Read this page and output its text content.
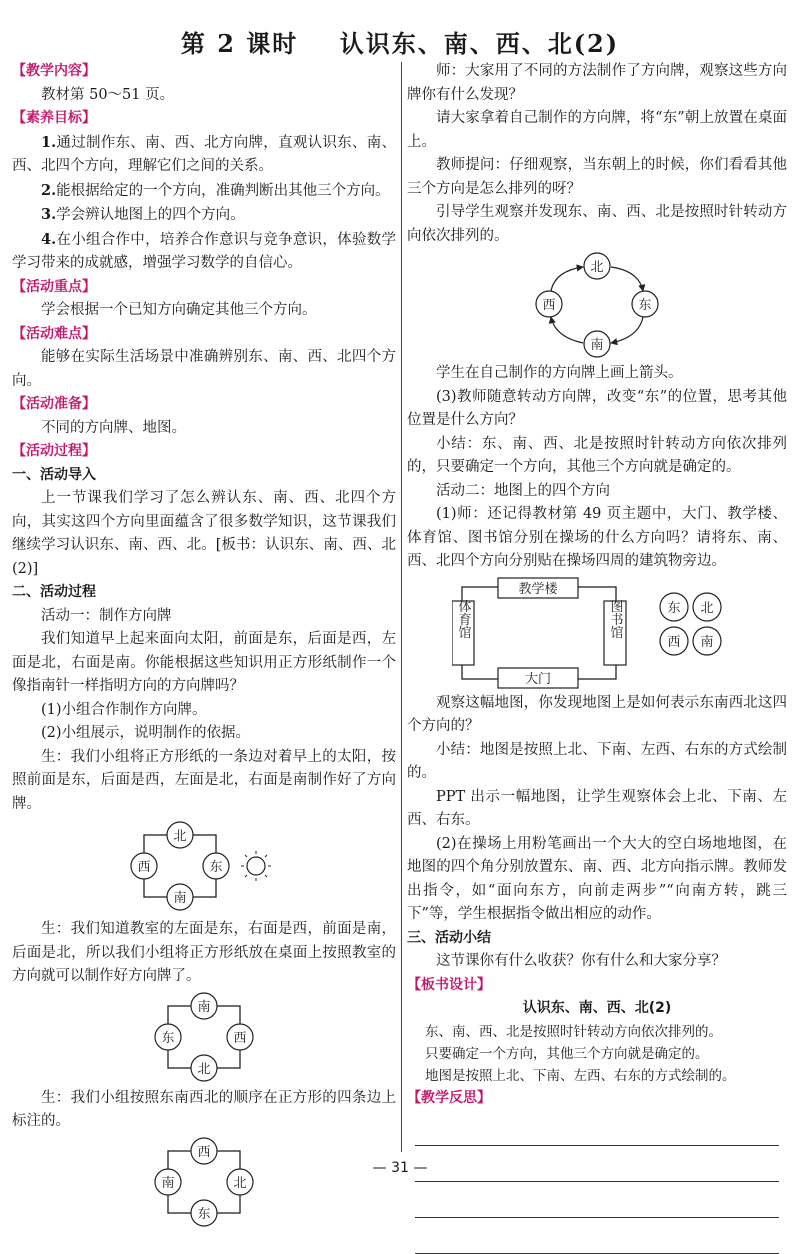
第 2 课时    认识东、南、西、北(2)

【教学内容】

教材第 50～51 页。

【素养目标】

1.通过制作东、南、西、北方向牌，直观认识东、南、西、北四个方向，理解它们之间的关系。

2.能根据给定的一个方向，准确判断出其他三个方向。

3.学会辨认地图上的四个方向。

4.在小组合作中，培养合作意识与竞争意识，体验数学学习带来的成就感，增强学习数学的自信心。

【活动重点】

学会根据一个已知方向确定其他三个方向。

【活动难点】

能够在实际生活场景中准确辨别东、南、西、北四个方向。

【活动准备】

不同的方向牌、地图。

【活动过程】

一、活动导入

上一节课我们学习了怎么辨认东、南、西、北四个方向，其实这四个方向里面蕴含了很多数学知识，这节课我们继续学习认识东、南、西、北。[板书：认识东、南、西、北(2)]

二、活动过程

活动一：制作方向牌

我们知道早上起来面向太阳，前面是东，后面是西，左面是北，右面是南。你能根据这些知识用正方形纸制作一个像指南针一样指明方向的方向牌吗？

(1)小组合作制作方向牌。

(2)小组展示，说明制作的依据。

生：我们小组将正方形纸的一条边对着早上的太阳，按照前面是东，后面是西，左面是北，右面是南制作好了方向牌。

北
西	东
南

生：我们知道教室的左面是东，右面是西，前面是南，后面是北，所以我们小组将正方形纸放在桌面上按照教室的方向就可以制作好方向牌了。

南
东	西
北

生：我们小组按照东南西北的顺序在正方形的四条边上标注的。

西
南	北
东

师：大家用了不同的方法制作了方向牌，观察这些方向牌你有什么发现？

请大家拿着自己制作的方向牌，将“东”朝上放置在桌面上。

教师提问：仔细观察，当东朝上的时候，你们看看其他三个方向是怎么排列的呀？

引导学生观察并发现东、南、西、北是按照时针转动方向依次排列的。

北
西	东
南

学生在自己制作的方向牌上画上箭头。

(3)教师随意转动方向牌，改变“东”的位置，思考其他位置是什么方向？

小结：东、南、西、北是按照时针转动方向依次排列的，只要确定一个方向，其他三个方向就是确定的。

活动二：地图上的四个方向

(1)师：还记得教材第 49 页主题中，大门、教学楼、体育馆、图书馆分别在操场的什么方向吗？请将东、南、西、北四个方向分别贴在操场四周的建筑物旁边。

教学楼
大门
体育馆	图书馆	东 北
西 南

观察这幅地图，你发现地图上是如何表示东南西北这四个方向的？

小结：地图是按照上北、下南、左西、右东的方式绘制的。

PPT 出示一幅地图，让学生观察体会上北、下南、左西、右东。

(2)在操场上用粉笔画出一个大大的空白场地地图，在地图的四个角分别放置东、南、西、北方向指示牌。教师发出指令，如“面向东方，向前走两步”“向南方转，跳三下”等，学生根据指令做出相应的动作。

三、活动小结

这节课你有什么收获？你有什么和大家分享？

【板书设计】

认识东、南、西、北(2)

东、南、西、北是按照时针转动方向依次排列的。

只要确定一个方向，其他三个方向就是确定的。

地图是按照上北、下南、左西、右东的方式绘制的。

【教学反思】

— 31 —
